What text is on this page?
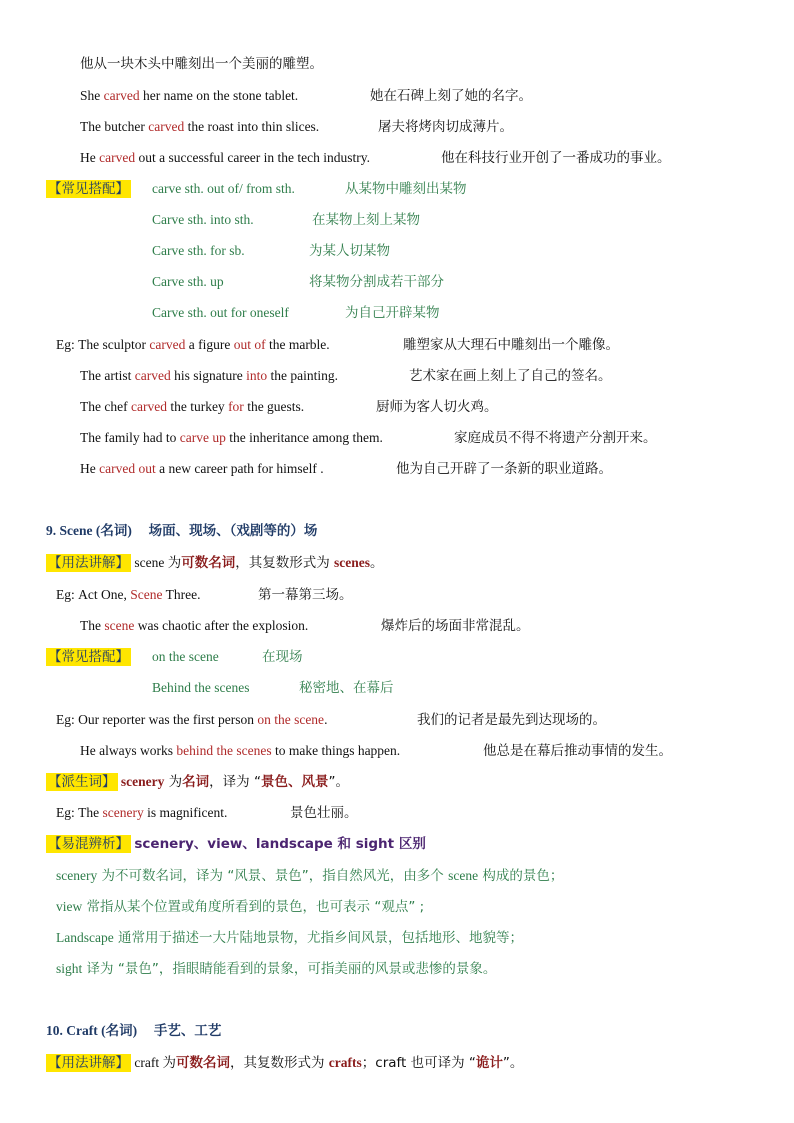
他从一块木头中雕刻出一个美丽的雕塑。
She carved her name on the stone tablet.	她在石碑上刻了她的名字。
The butcher carved the roast into thin slices.	屠夫将烤肉切成薄片。
He carved out a successful career in the tech industry.	他在科技行业开创了一番成功的事业。
【常见搭配】 carve sth. out of/ from sth.	从某物中雕刻出某物
Carve sth. into sth.	在某物上刻上某物
Carve sth. for sb.	为某人切某物
Carve sth. up	将某物分割成若干部分
Carve sth. out for oneself	为自己开辟某物
Eg: The sculptor carved a figure out of the marble.	雕塑家从大理石中雕刻出一个雕像。
The artist carved his signature into the painting.	艺术家在画上刻上了自己的签名。
The chef carved the turkey for the guests.	厨师为客人切火鸡。
The family had to carve up the inheritance among them.	家庭成员不得不将遗产分割开来。
He carved out a new career path for himself .	他为自己开辟了一条新的职业道路。
9. Scene (名词) 场面、现场、（戏剧等的）场
【用法讲解】 scene 为可数名词，其复数形式为 scenes。
Eg: Act One, Scene Three.	第一幕第三场。
The scene was chaotic after the explosion.	爆炸后的场面非常混乱。
【常见搭配】 on the scene	在现场
Behind the scenes	秘密地、在幕后
Eg: Our reporter was the first person on the scene.	我们的记者是最先到达现场的。
He always works behind the scenes to make things happen.	他总是在幕后推动事情的发生。
【派生词】 scenery 为名词，译为 “景色、风景”。
Eg: The scenery is magnificent.	景色壮丽。
【易混辨析】 scenery、view、landscape 和 sight 区别
scenery 为不可数名词，译为 “风景、景色”，指自然风光，由多个 scene 构成的景色；
view 常指从某个位置或角度所看到的景色，也可表示 “观点” ;
Landscape 通常用于描述一大片陆地景物，尤指乡间风景，包括地形、地貌等；
sight 译为 “景色”，指眼睛能看到的景象，可指美丽的风景或悲惨的景象。
10. Craft (名词) 手艺、工艺
【用法讲解】 craft 为可数名词，其复数形式为 crafts；craft 也可译为 “诡计”。
